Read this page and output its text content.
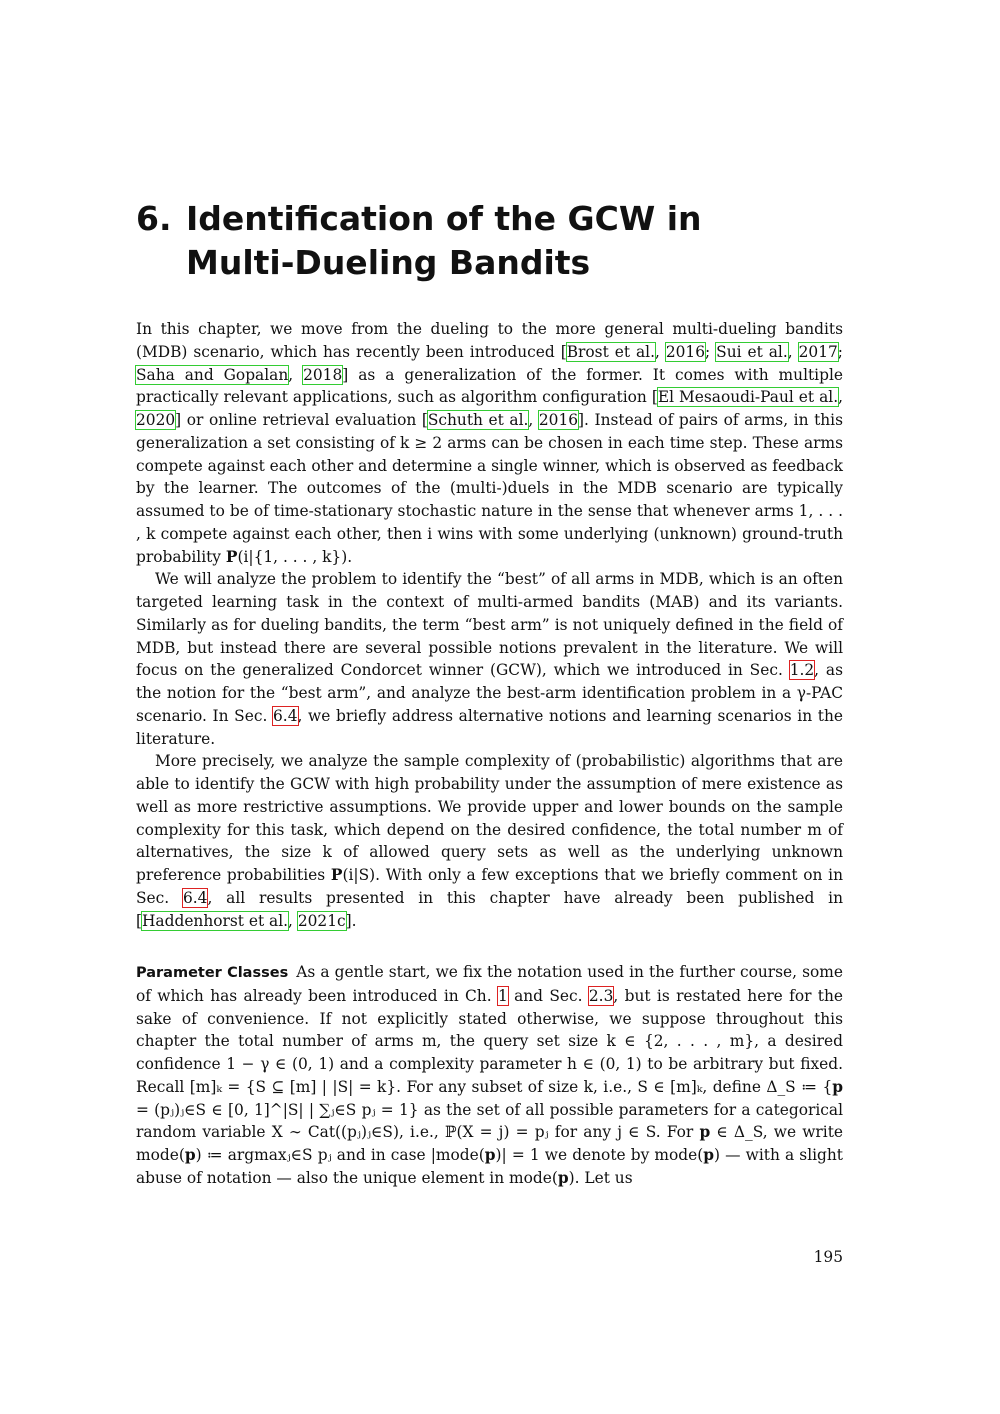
6. Identification of the GCW in
Multi-Dueling Bandits

In this chapter, we move from the dueling to the more general multi-dueling bandits (MDB) scenario, which has recently been introduced [Brost et al., 2016; Sui et al., 2017; Saha and Gopalan, 2018] as a generalization of the former. It comes with multiple practically relevant applications, such as algorithm configuration [El Mesaoudi-Paul et al., 2020] or online retrieval evaluation [Schuth et al., 2016]. Instead of pairs of arms, in this generalization a set consisting of k ≥ 2 arms can be chosen in each time step. These arms compete against each other and determine a single winner, which is observed as feedback by the learner. The outcomes of the (multi-)duels in the MDB scenario are typically assumed to be of time-stationary stochastic nature in the sense that whenever arms 1, . . . , k compete against each other, then i wins with some underlying (unknown) ground-truth probability P(i|{1, . . . , k}).

We will analyze the problem to identify the “best” of all arms in MDB, which is an often targeted learning task in the context of multi-armed bandits (MAB) and its variants. Similarly as for dueling bandits, the term “best arm” is not uniquely defined in the field of MDB, but instead there are several possible notions prevalent in the literature. We will focus on the generalized Condorcet winner (GCW), which we introduced in Sec. 1.2, as the notion for the “best arm”, and analyze the best-arm identification problem in a γ-PAC scenario. In Sec. 6.4, we briefly address alternative notions and learning scenarios in the literature.

More precisely, we analyze the sample complexity of (probabilistic) algorithms that are able to identify the GCW with high probability under the assumption of mere existence as well as more restrictive assumptions. We provide upper and lower bounds on the sample complexity for this task, which depend on the desired confidence, the total number m of alternatives, the size k of allowed query sets as well as the underlying unknown preference probabilities P(i|S). With only a few exceptions that we briefly comment on in Sec. 6.4, all results presented in this chapter have already been published in [Haddenhorst et al., 2021c].

Parameter Classes As a gentle start, we fix the notation used in the further course, some of which has already been introduced in Ch. 1 and Sec. 2.3, but is restated here for the sake of convenience. If not explicitly stated otherwise, we suppose throughout this chapter the total number of arms m, the query set size k ∈ {2, . . . , m}, a desired confidence 1 − γ ∈ (0, 1) and a complexity parameter h ∈ (0, 1) to be arbitrary but fixed. Recall [m]ₖ = {S ⊆ [m] | |S| = k}. For any subset of size k, i.e., S ∈ [m]ₖ, define Δ_S ≔ {p = (pⱼ)ⱼ∈S ∈ [0, 1]^|S| | ∑ⱼ∈S pⱼ = 1} as the set of all possible parameters for a categorical random variable X ∼ Cat((pⱼ)ⱼ∈S), i.e., ℙ(X = j) = pⱼ for any j ∈ S. For p ∈ Δ_S, we write mode(p) ≔ argmaxⱼ∈S pⱼ and in case |mode(p)| = 1 we denote by mode(p) — with a slight abuse of notation — also the unique element in mode(p). Let us

195
